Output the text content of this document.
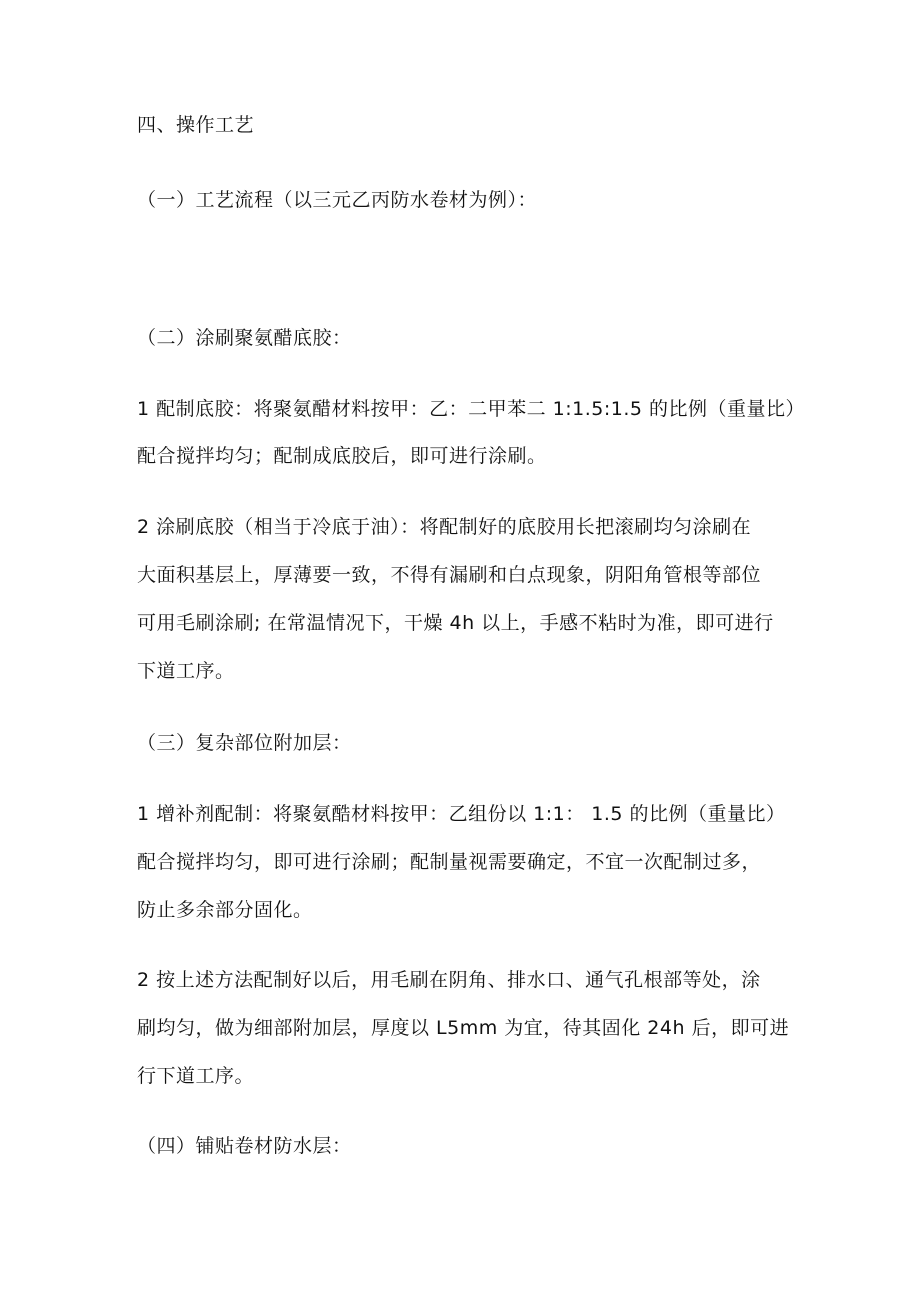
四、操作工艺
（一）工艺流程（以三元乙丙防水卷材为例）：
（二）涂刷聚氨醋底胶：
1 配制底胶：将聚氨醋材料按甲：乙：二甲苯二 1:1.5:1.5 的比例（重量比）
配合搅拌均匀；配制成底胶后，即可进行涂刷。
2 涂刷底胶（相当于冷底于油）：将配制好的底胶用长把滚刷均匀涂刷在
大面积基层上，厚薄要一致，不得有漏刷和白点现象，阴阳角管根等部位
可用毛刷涂刷; 在常温情况下，干燥 4h 以上，手感不粘时为准，即可进行
下道工序。
（三）复杂部位附加层：
1 增补剂配制：将聚氨酷材料按甲：乙组份以 1:1： 1.5 的比例（重量比）
配合搅拌均匀，即可进行涂刷；配制量视需要确定，不宜一次配制过多，
防止多余部分固化。
2 按上述方法配制好以后，用毛刷在阴角、排水口、通气孔根部等处，涂
刷均匀，做为细部附加层，厚度以 L5mm 为宜，待其固化 24h 后，即可进
行下道工序。
（四）铺贴卷材防水层：
